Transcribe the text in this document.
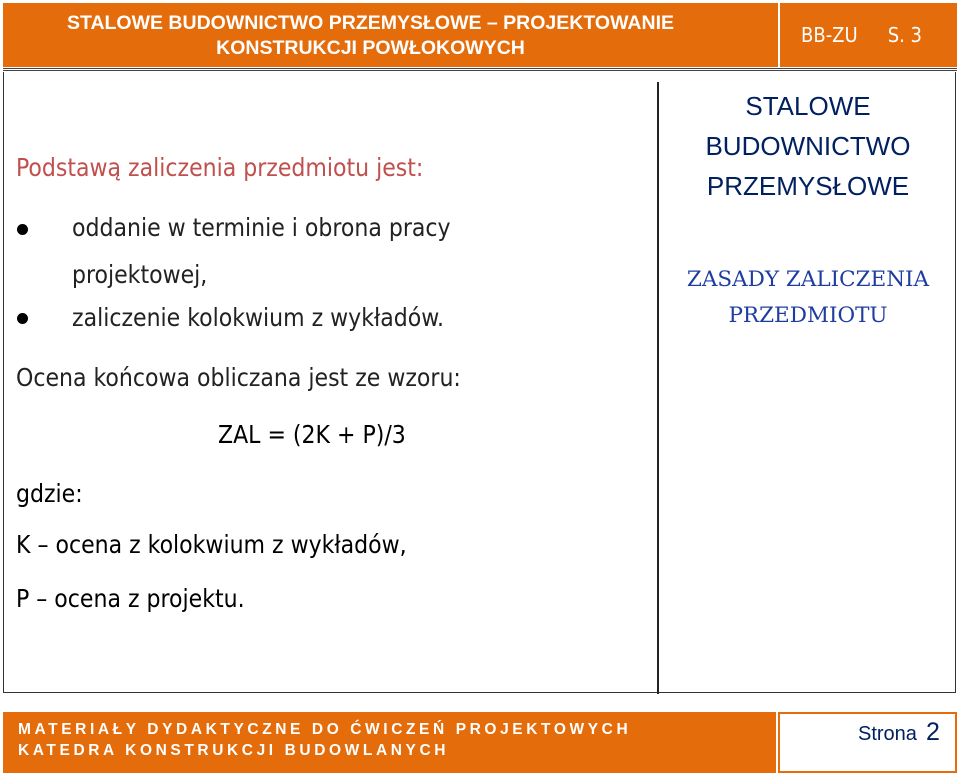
STALOWE BUDOWNICTWO PRZEMYSŁOWE – PROJEKTOWANIE
KONSTRUKCJI POWŁOKOWYCH
BB-ZU S. 3
Podstawą zaliczenia przedmiotu jest:
oddanie w terminie i obrona pracy
projektowej,
zaliczenie kolokwium z wykładów.
Ocena końcowa obliczana jest ze wzoru:
ZAL = (2K + P)/3
gdzie:
K – ocena z kolokwium z wykładów,
P – ocena z projektu.
STALOWE
BUDOWNICTWO
PRZEMYSŁOWE
ZASADY ZALICZENIA
PRZEDMIOTU
MATERIAŁY DYDAKTYCZNE DO ĆWICZEŃ PROJEKTOWYCH
KATEDRA KONSTRUKCJI BUDOWLANYCH
Strona 2
